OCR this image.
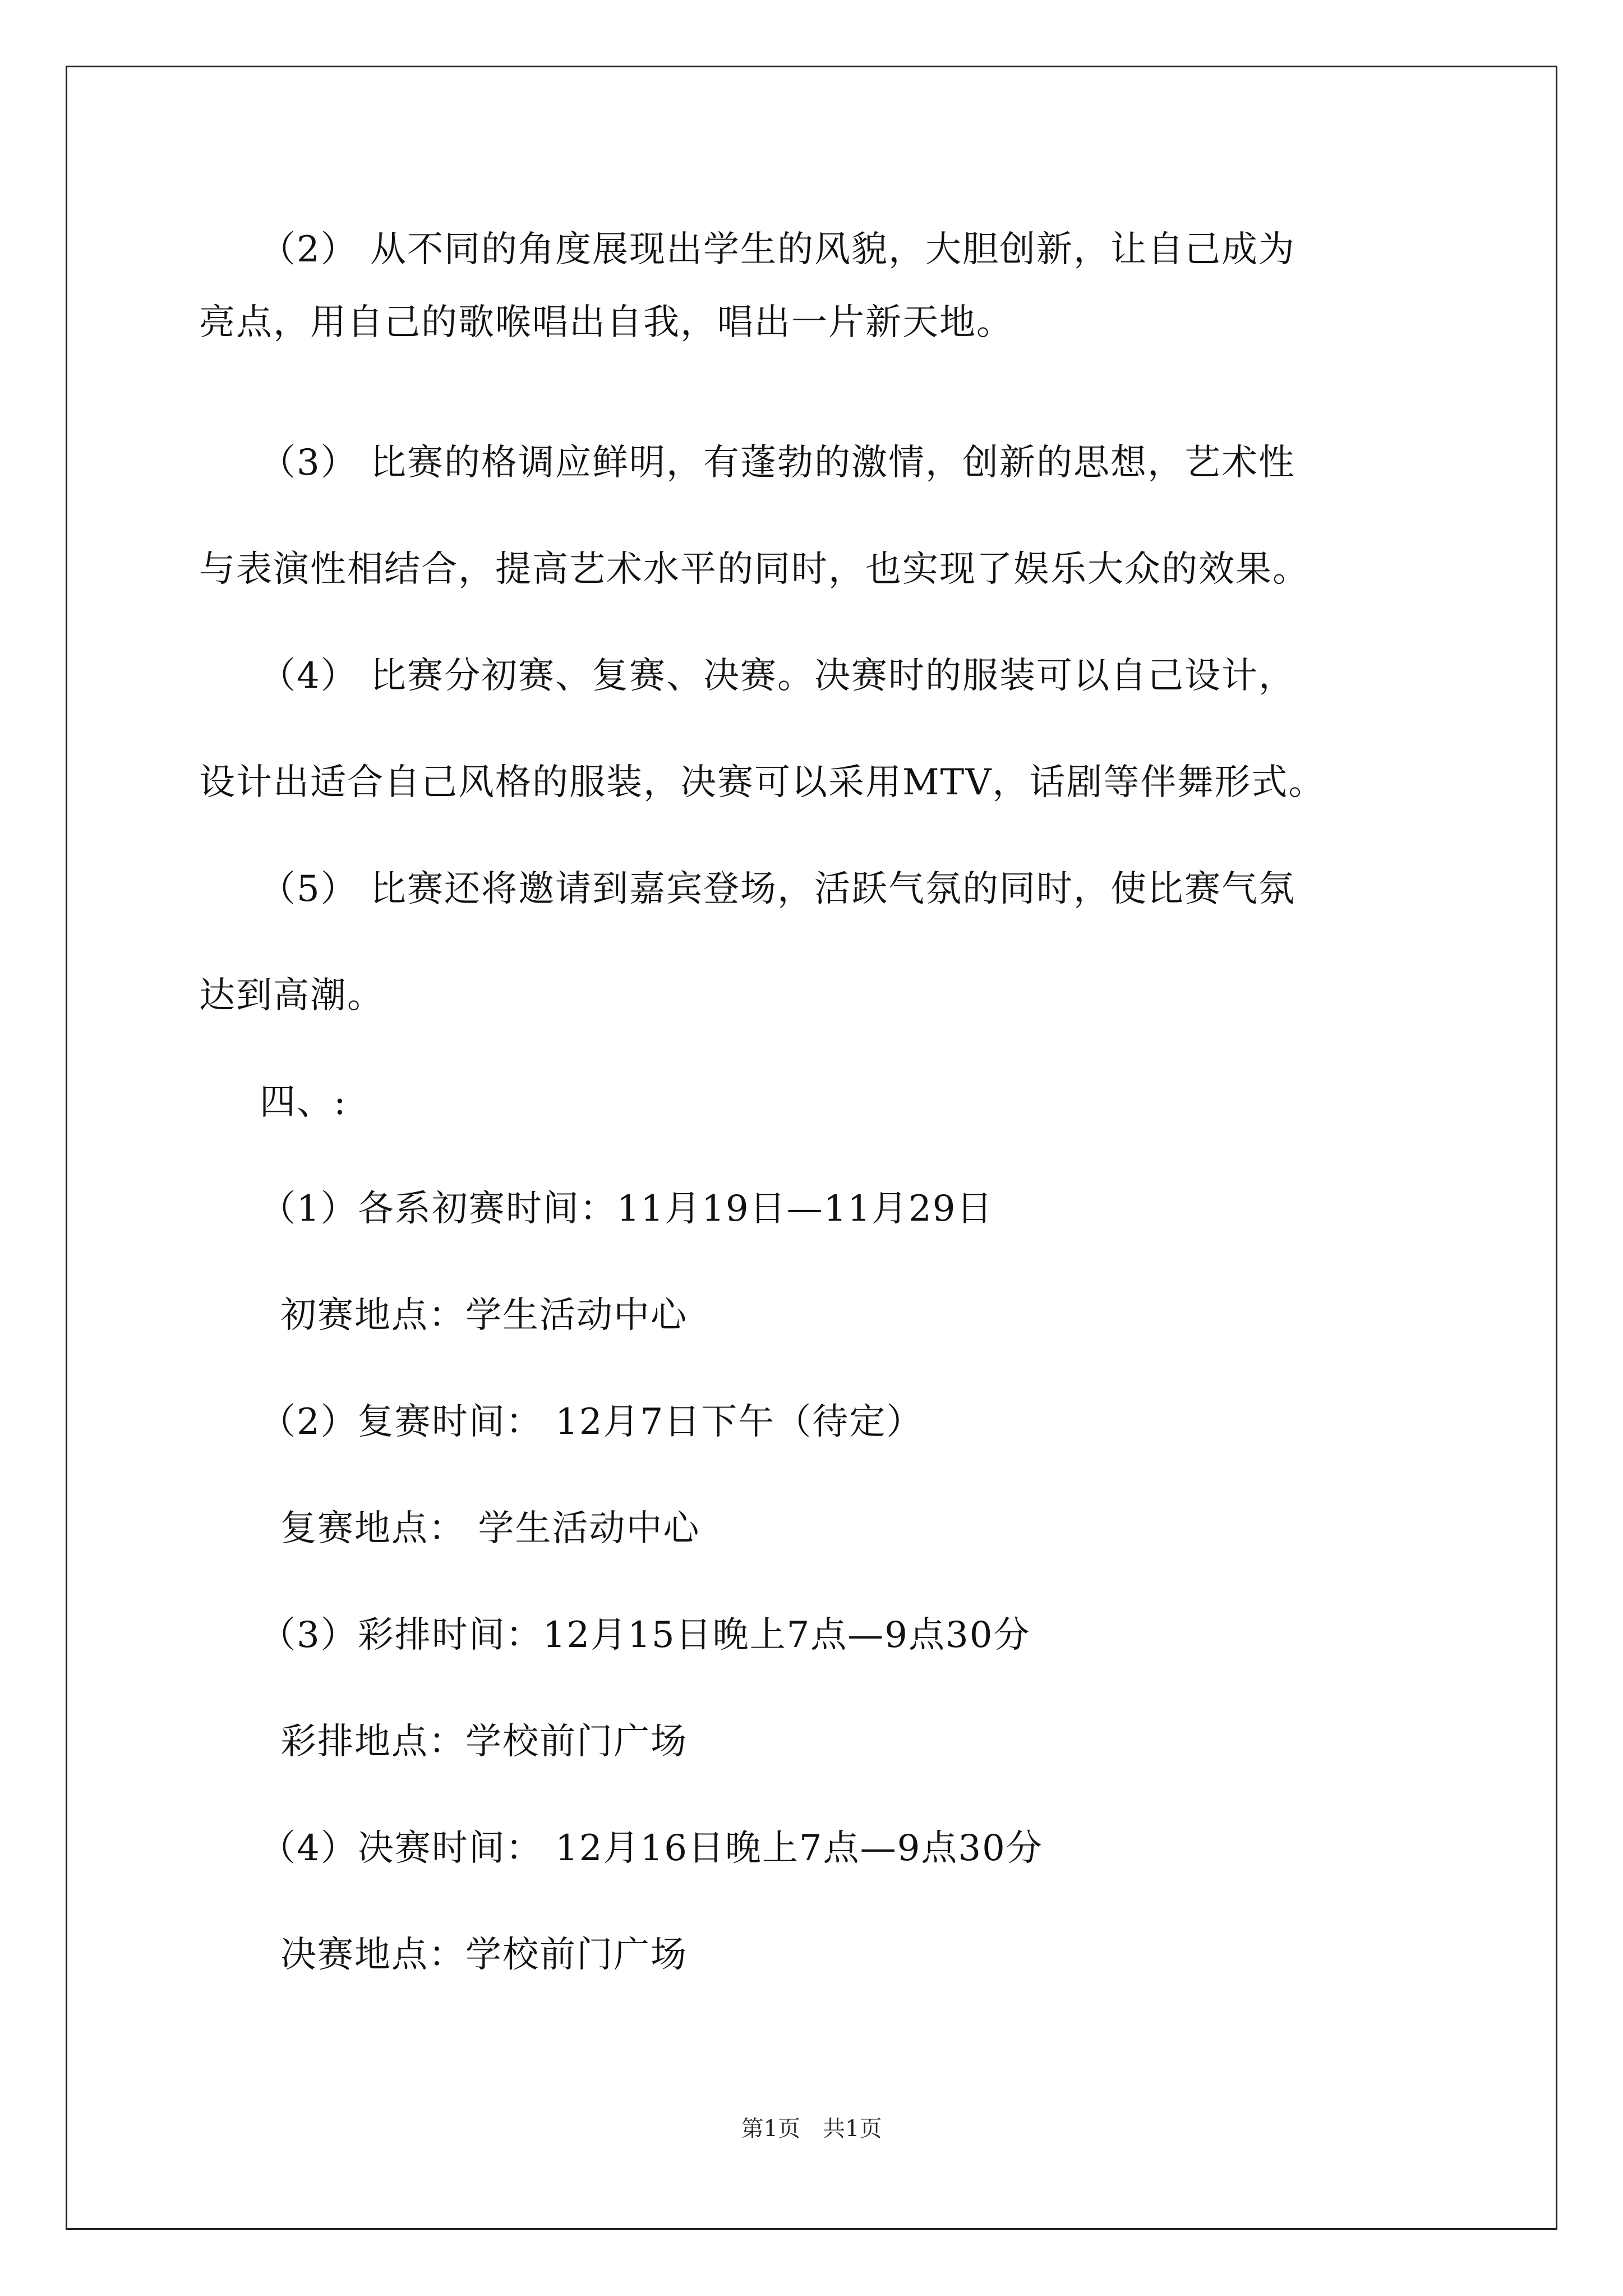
（2） 从不同的角度展现出学生的风貌，大胆创新，让自己成为
亮点，用自己的歌喉唱出自我，唱出一片新天地。
（3） 比赛的格调应鲜明，有蓬勃的激情，创新的思想，艺术性
与表演性相结合，提高艺术水平的同时，也实现了娱乐大众的效果。
（4） 比赛分初赛、复赛、决赛。决赛时的服装可以自己设计，
设计出适合自己风格的服装，决赛可以采用MTV，话剧等伴舞形式。
（5） 比赛还将邀请到嘉宾登场，活跃气氛的同时，使比赛气氛
达到高潮。
四、:
（1）各系初赛时间：11月19日—11月29日
初赛地点：学生活动中心
（2）复赛时间： 12月7日下午（待定）
复赛地点： 学生活动中心
（3）彩排时间：12月15日晚上7点—9点30分
彩排地点：学校前门广场
（4）决赛时间： 12月16日晚上7点—9点30分
决赛地点：学校前门广场
第1页　共1页
